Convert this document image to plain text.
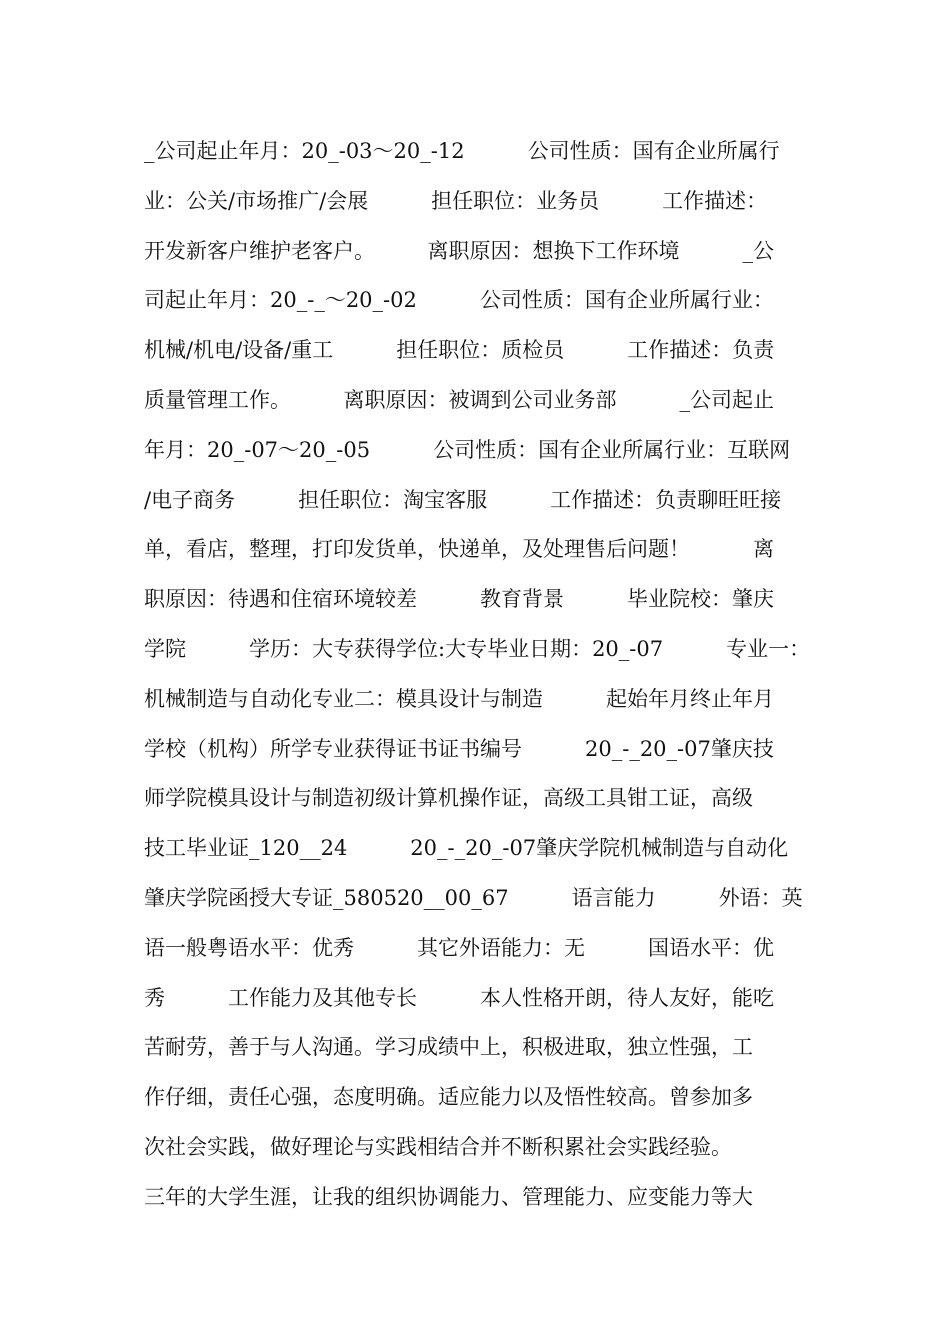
_公司起止年月：20_-03～20_-12　　　公司性质：国有企业所属行
业：公关/市场推广/会展　　　担任职位：业务员　　　工作描述：
开发新客户维护老客户。　　　离职原因：想换下工作环境　　　_公
司起止年月：20_-_～20_-02　　　公司性质：国有企业所属行业：
机械/机电/设备/重工　　　担任职位：质检员　　　工作描述：负责
质量管理工作。　　　离职原因：被调到公司业务部　　　_公司起止
年月：20_-07～20_-05　　　公司性质：国有企业所属行业：互联网
/电子商务　　　担任职位：淘宝客服　　　工作描述：负责聊旺旺接
单，看店，整理，打印发货单，快递单，及处理售后问题！　　　离
职原因：待遇和住宿环境较差　　　教育背景　　　毕业院校：肇庆
学院　　　学历：大专获得学位:大专毕业日期：20_-07　　　专业一：
机械制造与自动化专业二：模具设计与制造　　　起始年月终止年月
学校（机构）所学专业获得证书证书编号　　　20_-_20_-07肇庆技
师学院模具设计与制造初级计算机操作证，高级工具钳工证，高级
技工毕业证_120__24　　　20_-_20_-07肇庆学院机械制造与自动化
肇庆学院函授大专证_580520__00_67　　　语言能力　　　外语：英
语一般粤语水平：优秀　　　其它外语能力：无　　　国语水平：优
秀　　　工作能力及其他专长　　　本人性格开朗，待人友好，能吃
苦耐劳，善于与人沟通。学习成绩中上，积极进取，独立性强，工
作仔细，责任心强，态度明确。适应能力以及悟性较高。曾参加多
次社会实践，做好理论与实践相结合并不断积累社会实践经验。
三年的大学生涯，让我的组织协调能力、管理能力、应变能力等大
